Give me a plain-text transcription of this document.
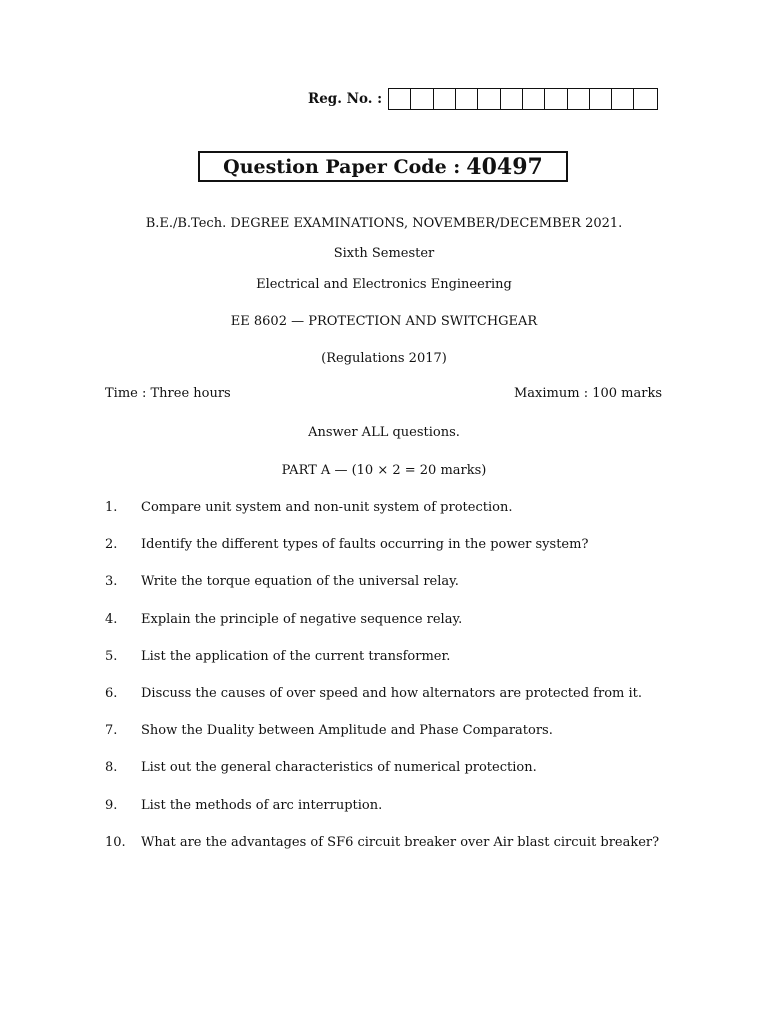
Reg. No. :
Question Paper Code : 40497
B.E./B.Tech. DEGREE EXAMINATIONS, NOVEMBER/DECEMBER 2021.
Sixth Semester
Electrical and Electronics Engineering
EE 8602 — PROTECTION AND SWITCHGEAR
(Regulations 2017)
Time : Three hours	Maximum : 100 marks
Answer ALL questions.
PART A — (10 × 2 = 20 marks)
1. Compare unit system and non-unit system of protection.
2. Identify the different types of faults occurring in the power system?
3. Write the torque equation of the universal relay.
4. Explain the principle of negative sequence relay.
5. List the application of the current transformer.
6. Discuss the causes of over speed and how alternators are protected from it.
7. Show the Duality between Amplitude and Phase Comparators.
8. List out the general characteristics of numerical protection.
9. List the methods of arc interruption.
10. What are the advantages of SF6 circuit breaker over Air blast circuit breaker?
